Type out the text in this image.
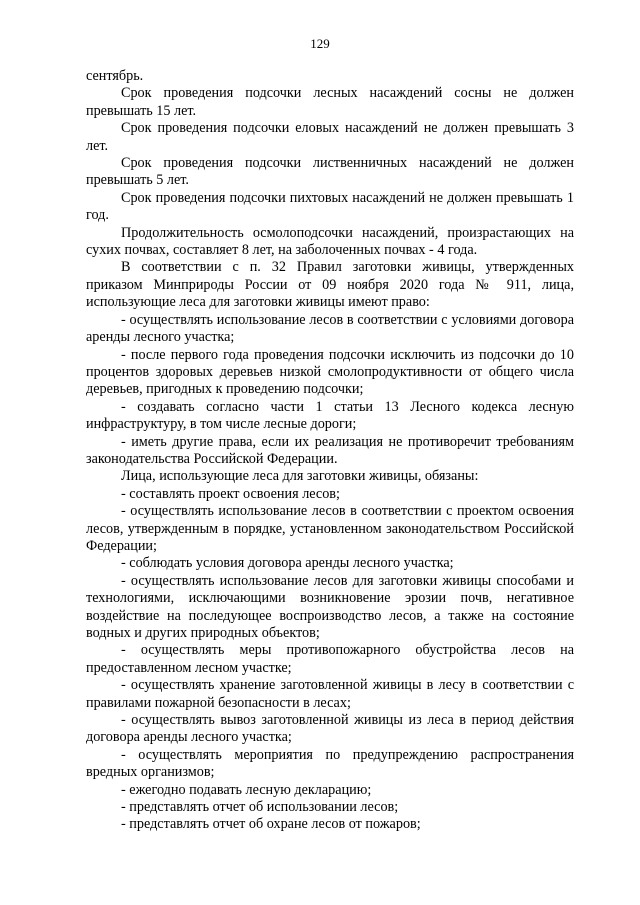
129

сентябрь.

Срок проведения подсочки лесных насаждений сосны не должен превышать 15 лет.

Срок проведения подсочки еловых насаждений не должен превышать 3 лет.

Срок проведения подсочки лиственничных насаждений не должен превышать 5 лет.

Срок проведения подсочки пихтовых насаждений не должен превышать 1 год.

Продолжительность осмолоподсочки насаждений, произрастающих на сухих почвах, составляет 8 лет, на заболоченных почвах - 4 года.

В соответствии с п. 32 Правил заготовки живицы, утвержденных приказом Минприроды России от 09 ноября 2020 года № 911, лица, использующие леса для заготовки живицы имеют право:

- осуществлять использование лесов в соответствии с условиями договора аренды лесного участка;

- после первого года проведения подсочки исключить из подсочки до 10 процентов здоровых деревьев низкой смолопродуктивности от общего числа деревьев, пригодных к проведению подсочки;

- создавать согласно части 1 статьи 13 Лесного кодекса лесную инфраструктуру, в том числе лесные дороги;

- иметь другие права, если их реализация не противоречит требованиям законодательства Российской Федерации.

Лица, использующие леса для заготовки живицы, обязаны:

- составлять проект освоения лесов;

- осуществлять использование лесов в соответствии с проектом освоения лесов, утвержденным в порядке, установленном законодательством Российской Федерации;

- соблюдать условия договора аренды лесного участка;

- осуществлять использование лесов для заготовки живицы способами и технологиями, исключающими возникновение эрозии почв, негативное воздействие на последующее воспроизводство лесов, а также на состояние водных и других природных объектов;

- осуществлять меры противопожарного обустройства лесов на предоставленном лесном участке;

- осуществлять хранение заготовленной живицы в лесу в соответствии с правилами пожарной безопасности в лесах;

- осуществлять вывоз заготовленной живицы из леса в период действия договора аренды лесного участка;

- осуществлять мероприятия по предупреждению распространения вредных организмов;

- ежегодно подавать лесную декларацию;

- представлять отчет об использовании лесов;

- представлять отчет об охране лесов от пожаров;
